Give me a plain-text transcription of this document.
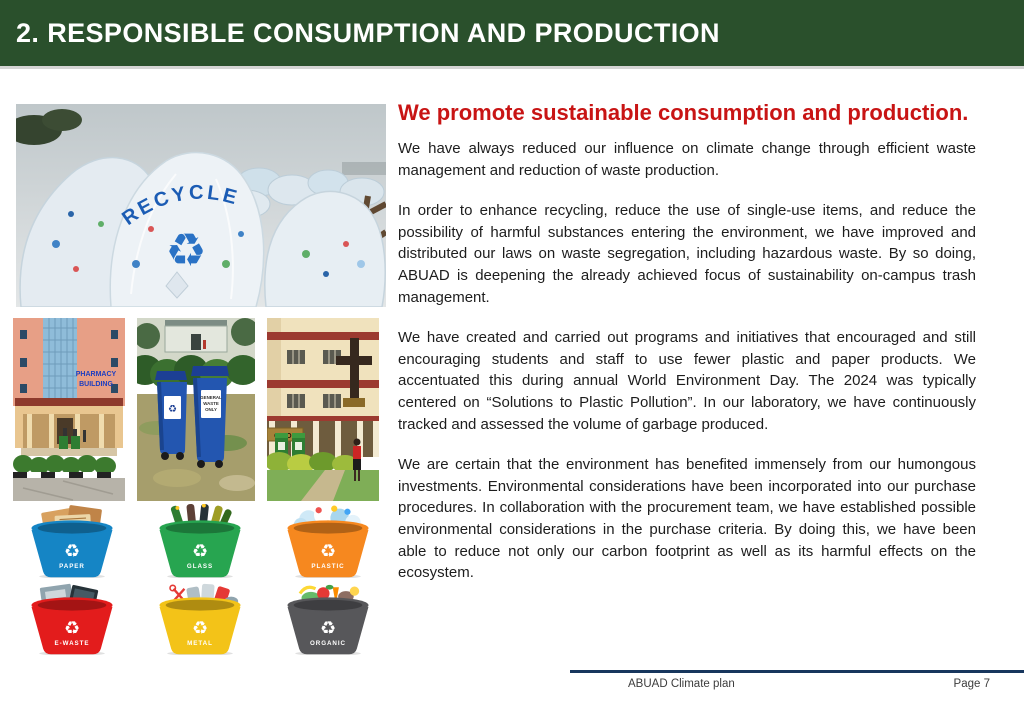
2. RESPONSIBLE CONSUMPTION AND PRODUCTION
RECYCLE
♻
PHARMACY
BUILDING
♻
GENERAL
WASTE
ONLY
OF
♻
PAPER
♻
GLASS
♻
PLASTIC
♻
E-WASTE
♻
METAL
♻
ORGANIC
We promote sustainable consumption and production.

We have always reduced our influence on climate change through efficient waste management and reduction of waste production.

In order to enhance recycling, reduce the use of single-use items, and reduce the possibility of harmful substances entering the environment, we have improved and distributed our laws on waste segregation, including hazardous waste. By so doing, ABUAD is deepening the already achieved focus of sustainability on-campus trash management.

We have created and carried out programs and initiatives that encouraged and still encouraging students and staff to use fewer plastic and paper products. We accentuated this during annual World Environment Day. The 2024 was typically centered on “Solutions to Plastic Pollution”. In our laboratory, we have continuously tracked and assessed the volume of garbage produced.

We are certain that the environment has benefited immensely from our humongous investments. Environmental considerations have been incorporated into our purchase procedures. In collaboration with the procurement team, we have established possible environmental considerations in the purchase criteria. By doing this, we have been able to reduce not only our carbon footprint as well as its harmful effects on the ecosystem.

ABUAD Climate plan	Page 7
